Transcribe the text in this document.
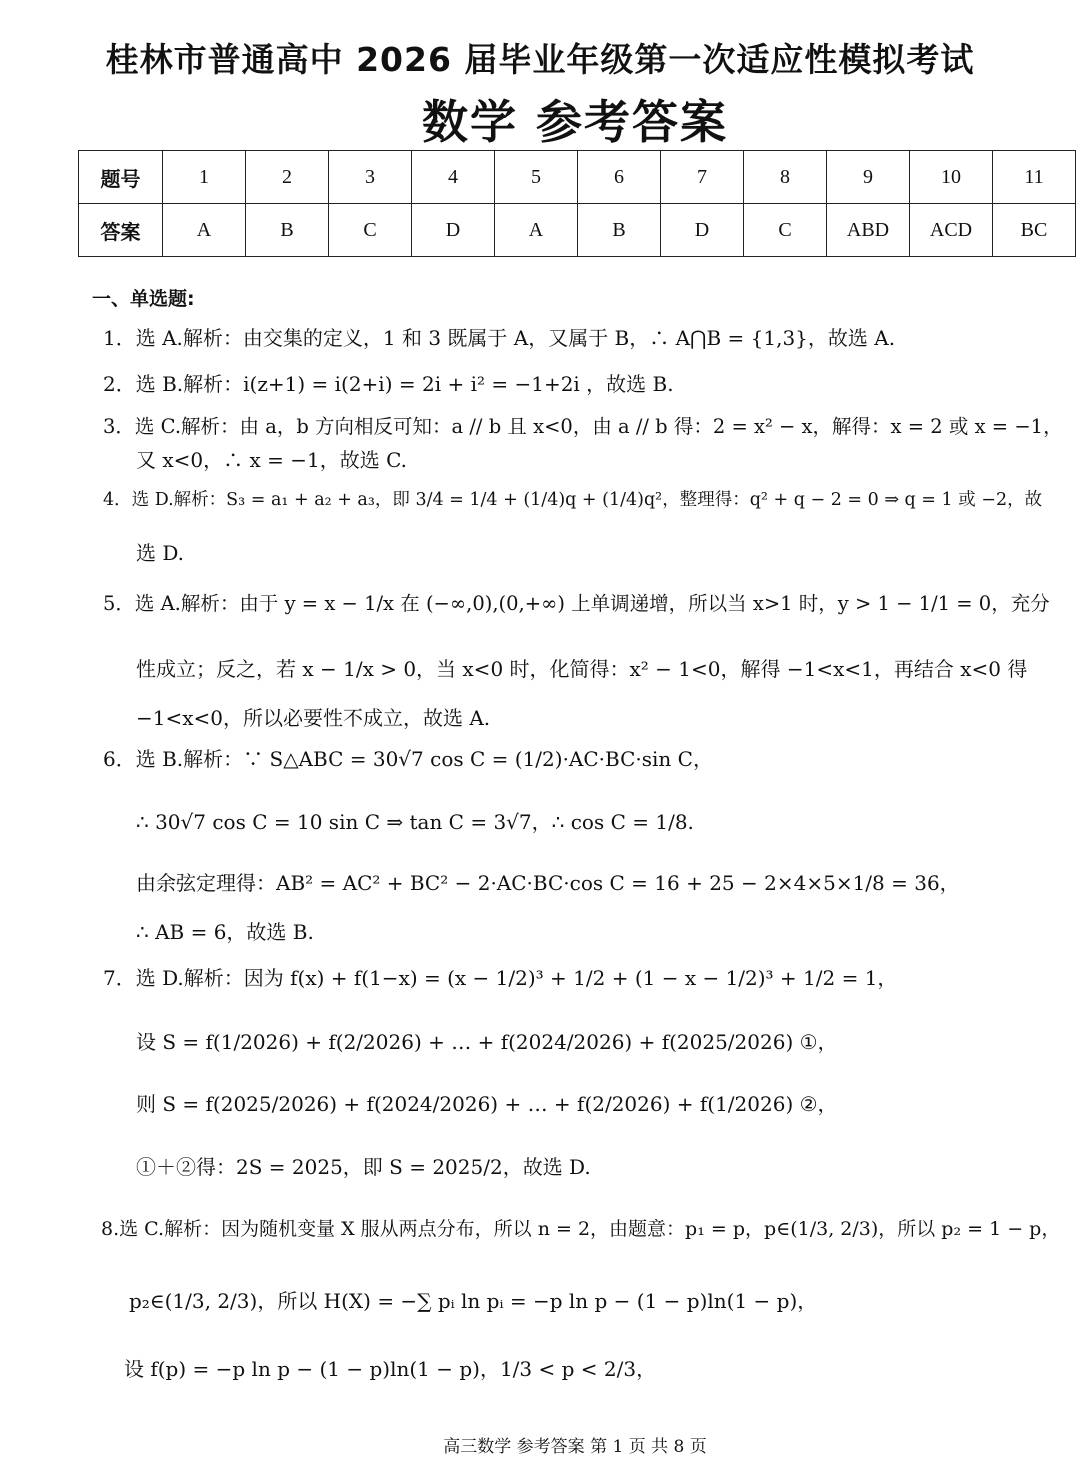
桂林市普通高中 2026 届毕业年级第一次适应性模拟考试
数学 参考答案
题号	1	2	3	4	5	6	7	8	9	10	11
答案	A	B	C	D	A	B	D	C	ABD	ACD	BC
一、单选题:
1．选 A.解析：由交集的定义，1 和 3 既属于 A，又属于 B，∴ A⋂B = {1,3}，故选 A.
2．选 B.解析：i(z+1) = i(2+i) = 2i + i² = −1+2i ，故选 B.
3．选 C.解析：由 a，b 方向相反可知：a // b 且 x<0，由 a // b 得：2 = x² − x，解得：x = 2 或 x = −1，
又 x<0，∴ x = −1，故选 C.
4．选 D.解析：S₃ = a₁ + a₂ + a₃，即 3/4 = 1/4 + (1/4)q + (1/4)q²，整理得：q² + q − 2 = 0 ⇒ q = 1 或 −2，故
选 D.
5．选 A.解析：由于 y = x − 1/x 在 (−∞,0),(0,+∞) 上单调递增，所以当 x>1 时，y > 1 − 1/1 = 0，充分
性成立；反之，若 x − 1/x > 0，当 x<0 时，化简得：x² − 1<0，解得 −1<x<1，再结合 x<0 得
−1<x<0，所以必要性不成立，故选 A.
6．选 B.解析：∵ S△ABC = 30√7 cos C = (1/2)·AC·BC·sin C，
∴ 30√7 cos C = 10 sin C ⇒ tan C = 3√7，∴ cos C = 1/8.
由余弦定理得：AB² = AC² + BC² − 2·AC·BC·cos C = 16 + 25 − 2×4×5×1/8 = 36，
∴ AB = 6，故选 B.
7．选 D.解析：因为 f(x) + f(1−x) = (x − 1/2)³ + 1/2 + (1 − x − 1/2)³ + 1/2 = 1，
设 S = f(1/2026) + f(2/2026) + … + f(2024/2026) + f(2025/2026) ①，
则 S = f(2025/2026) + f(2024/2026) + … + f(2/2026) + f(1/2026) ②，
①＋②得：2S = 2025，即 S = 2025/2，故选 D.
8.选 C.解析：因为随机变量 X 服从两点分布，所以 n = 2，由题意：p₁ = p，p∈(1/3, 2/3)，所以 p₂ = 1 − p，
p₂∈(1/3, 2/3)，所以 H(X) = −∑ pᵢ ln pᵢ = −p ln p − (1 − p)ln(1 − p)，
设 f(p) = −p ln p − (1 − p)ln(1 − p)，1/3 < p < 2/3，
高三数学 参考答案 第 1 页 共 8 页
